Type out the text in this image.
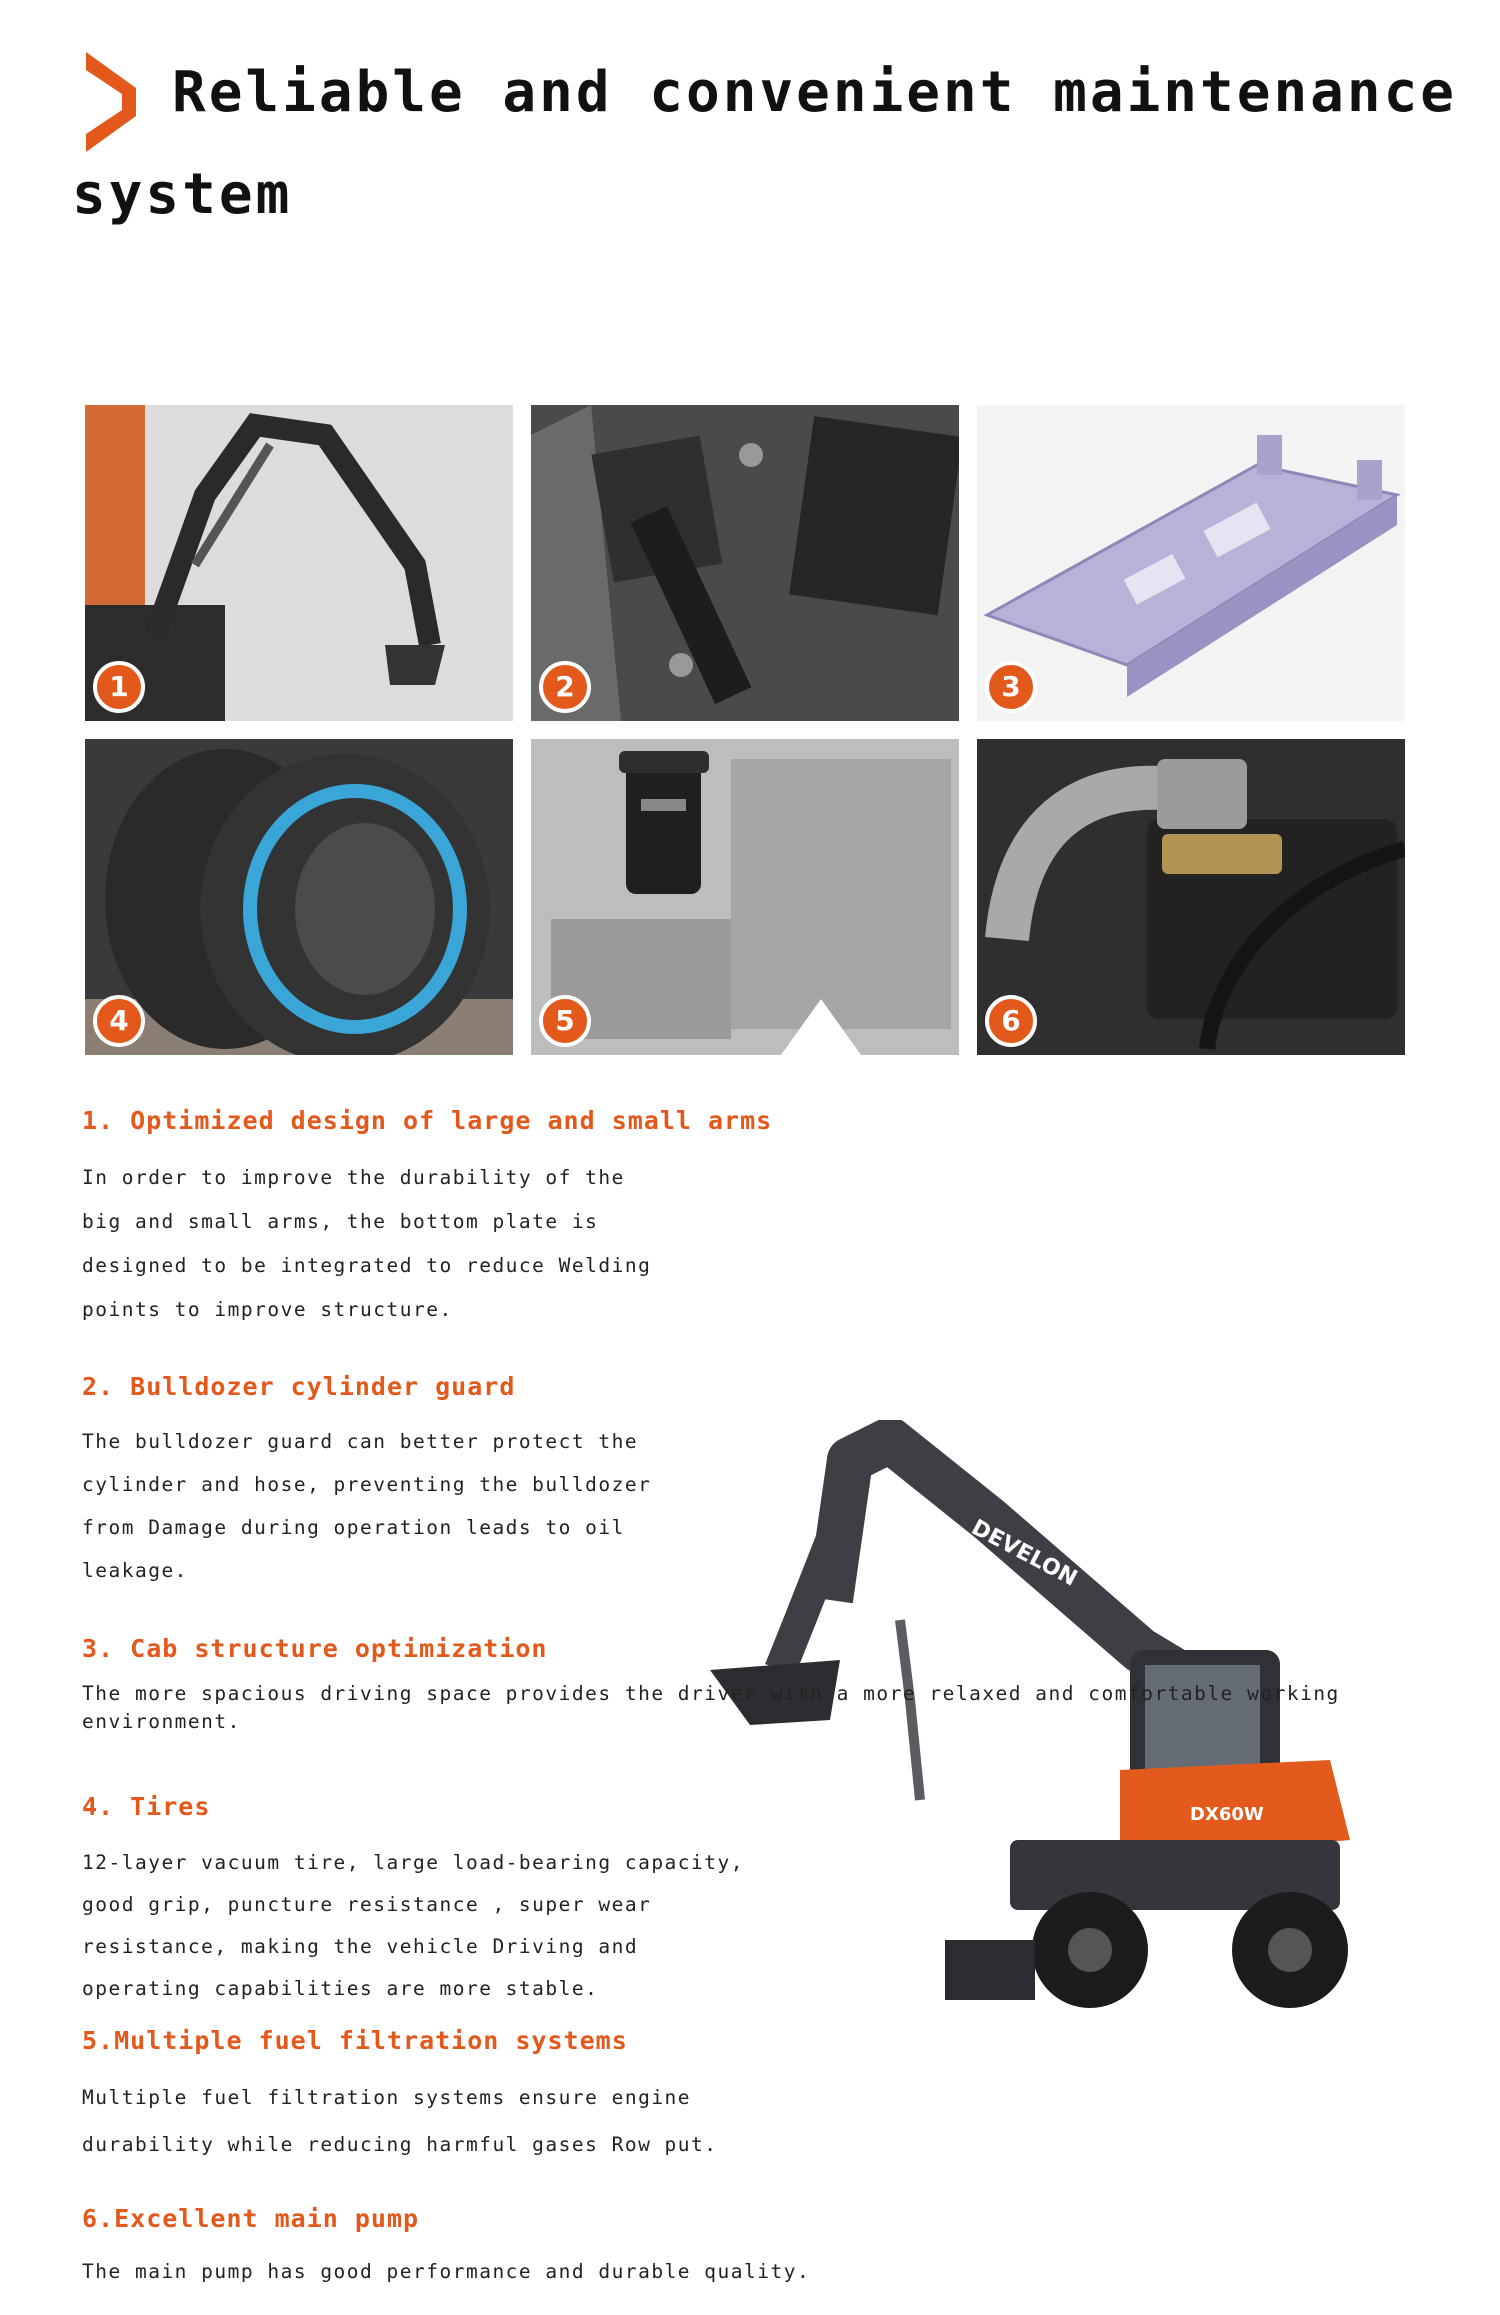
Reliable and convenient maintenance
system
1	2	3
4	5	6
DEVELON
DX60W
1. Optimized design of large and small arms
In order to improve the durability of the
big and small arms, the bottom plate is
designed to be integrated to reduce Welding
points to improve structure.
2. Bulldozer cylinder guard
The bulldozer guard can better protect the
cylinder and hose, preventing the bulldozer
from Damage during operation leads to oil
leakage.
3. Cab structure optimization
The more spacious driving space provides the driver with a more relaxed and comfortable working
environment.
4. Tires
12-layer vacuum tire, large load-bearing capacity,
good grip, puncture resistance , super wear
resistance, making the vehicle Driving and
operating capabilities are more stable.
5.Multiple fuel filtration systems
Multiple fuel filtration systems ensure engine
durability while reducing harmful gases Row put.
6.Excellent main pump
The main pump has good performance and durable quality.
